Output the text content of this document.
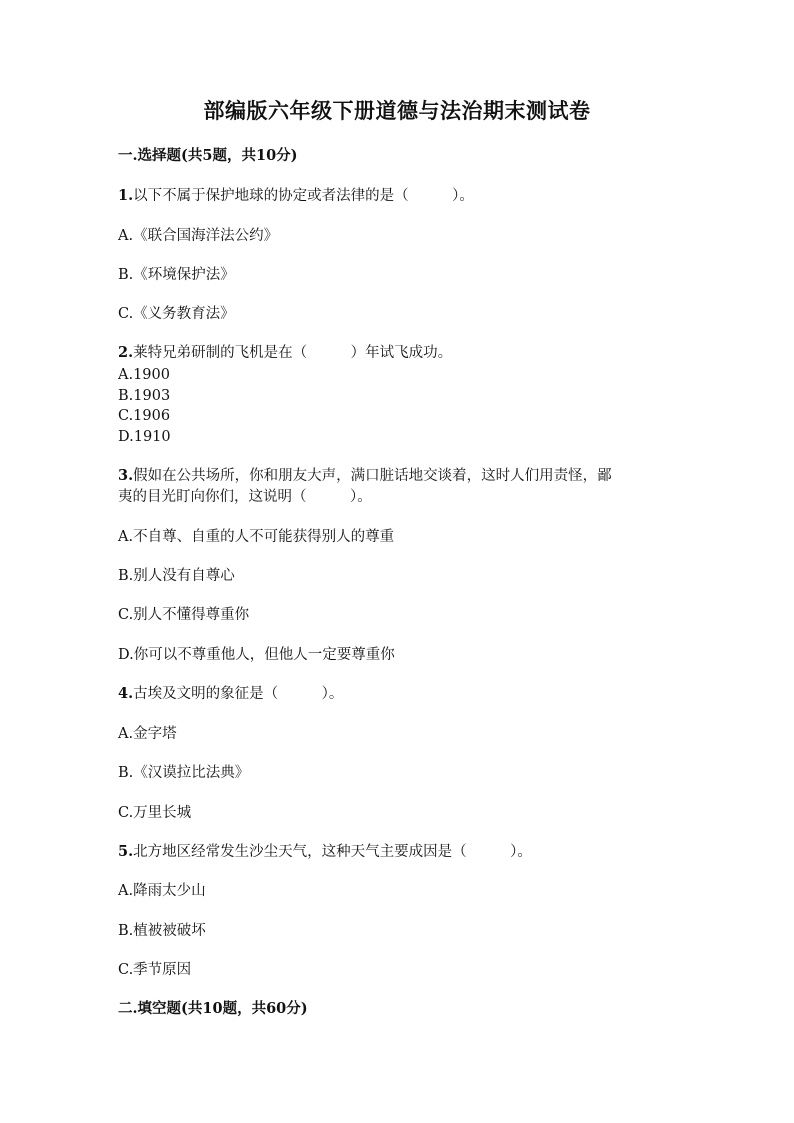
部编版六年级下册道德与法治期末测试卷
一.选择题(共5题，共10分)
1.以下不属于保护地球的协定或者法律的是（　　　）。
A.《联合国海洋法公约》
B.《环境保护法》
C.《义务教育法》
2.莱特兄弟研制的飞机是在（　　　）年试飞成功。
A.1900
B.1903
C.1906
D.1910
3.假如在公共场所，你和朋友大声，满口脏话地交谈着，这时人们用责怪，鄙
夷的目光盯向你们，这说明（　　　）。
A.不自尊、自重的人不可能获得别人的尊重
B.别人没有自尊心
C.别人不懂得尊重你
D.你可以不尊重他人，但他人一定要尊重你
4.古埃及文明的象征是（　　　）。
A.金字塔
B.《汉谟拉比法典》
C.万里长城
5.北方地区经常发生沙尘天气，这种天气主要成因是（　　　）。
A.降雨太少山
B.植被被破坏
C.季节原因
二.填空题(共10题，共60分)
